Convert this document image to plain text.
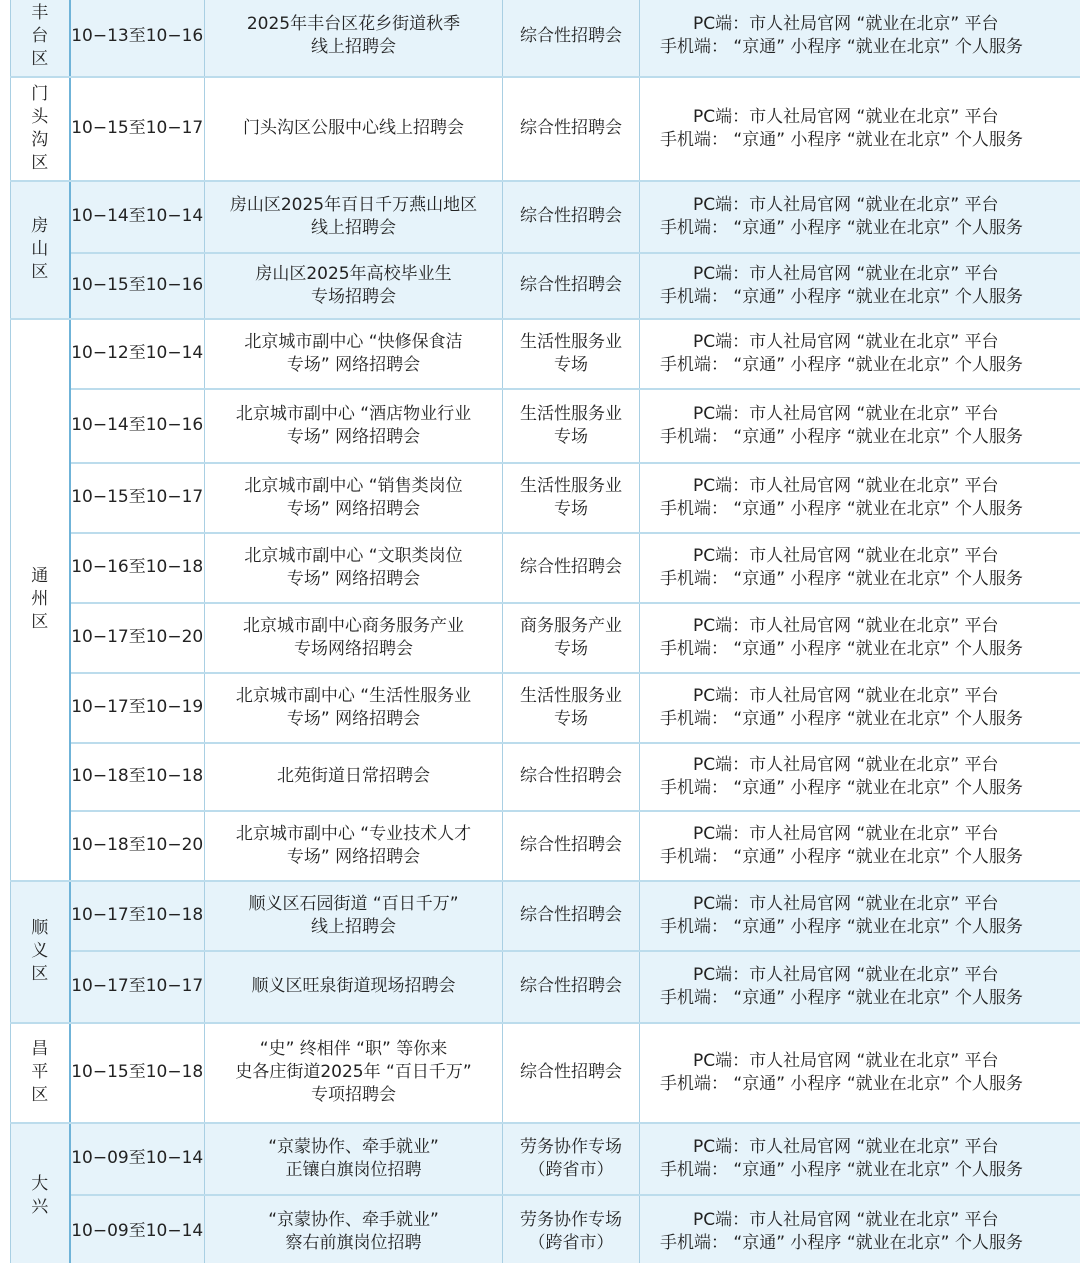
丰
台
区	10−13至10−16	2025年丰台区花乡街道秋季
线上招聘会	综合性招聘会	PC端：市人社局官网 “就业在北京” 平台
手机端： “京通” 小程序 “就业在北京” 个人服务

门
头
沟
区	10−15至10−17	门头沟区公服中心线上招聘会	综合性招聘会	PC端：市人社局官网 “就业在北京” 平台
手机端： “京通” 小程序 “就业在北京” 个人服务

房
山
区	10−14至10−14	房山区2025年百日千万燕山地区
线上招聘会	综合性招聘会	PC端：市人社局官网 “就业在北京” 平台
手机端： “京通” 小程序 “就业在北京” 个人服务

	10−15至10−16	房山区2025年高校毕业生
专场招聘会	综合性招聘会	PC端：市人社局官网 “就业在北京” 平台
手机端： “京通” 小程序 “就业在北京” 个人服务

通
州
区	10−12至10−14	北京城市副中心 “快修保食洁
专场” 网络招聘会	生活性服务业
专场	PC端：市人社局官网 “就业在北京” 平台
手机端： “京通” 小程序 “就业在北京” 个人服务

	10−14至10−16	北京城市副中心 “酒店物业行业
专场” 网络招聘会	生活性服务业
专场	PC端：市人社局官网 “就业在北京” 平台
手机端： “京通” 小程序 “就业在北京” 个人服务

	10−15至10−17	北京城市副中心 “销售类岗位
专场” 网络招聘会	生活性服务业
专场	PC端：市人社局官网 “就业在北京” 平台
手机端： “京通” 小程序 “就业在北京” 个人服务

	10−16至10−18	北京城市副中心 “文职类岗位
专场” 网络招聘会	综合性招聘会	PC端：市人社局官网 “就业在北京” 平台
手机端： “京通” 小程序 “就业在北京” 个人服务

	10−17至10−20	北京城市副中心商务服务产业
专场网络招聘会	商务服务产业
专场	PC端：市人社局官网 “就业在北京” 平台
手机端： “京通” 小程序 “就业在北京” 个人服务

	10−17至10−19	北京城市副中心 “生活性服务业
专场” 网络招聘会	生活性服务业
专场	PC端：市人社局官网 “就业在北京” 平台
手机端： “京通” 小程序 “就业在北京” 个人服务

	10−18至10−18	北苑街道日常招聘会	综合性招聘会	PC端：市人社局官网 “就业在北京” 平台
手机端： “京通” 小程序 “就业在北京” 个人服务

	10−18至10−20	北京城市副中心 “专业技术人才
专场” 网络招聘会	综合性招聘会	PC端：市人社局官网 “就业在北京” 平台
手机端： “京通” 小程序 “就业在北京” 个人服务

顺
义
区	10−17至10−18	顺义区石园街道 “百日千万”
线上招聘会	综合性招聘会	PC端：市人社局官网 “就业在北京” 平台
手机端： “京通” 小程序 “就业在北京” 个人服务

	10−17至10−17	顺义区旺泉街道现场招聘会	综合性招聘会	PC端：市人社局官网 “就业在北京” 平台
手机端： “京通” 小程序 “就业在北京” 个人服务

昌
平
区	10−15至10−18	“史” 终相伴 “职” 等你来
史各庄街道2025年 “百日千万”
专项招聘会	综合性招聘会	PC端：市人社局官网 “就业在北京” 平台
手机端： “京通” 小程序 “就业在北京” 个人服务

大
兴	10−09至10−14	“京蒙协作、牵手就业”
正镶白旗岗位招聘	劳务协作专场
（跨省市）	PC端：市人社局官网 “就业在北京” 平台
手机端： “京通” 小程序 “就业在北京” 个人服务

	10−09至10−14	“京蒙协作、牵手就业”
察右前旗岗位招聘	劳务协作专场
（跨省市）	PC端：市人社局官网 “就业在北京” 平台
手机端： “京通” 小程序 “就业在北京” 个人服务
